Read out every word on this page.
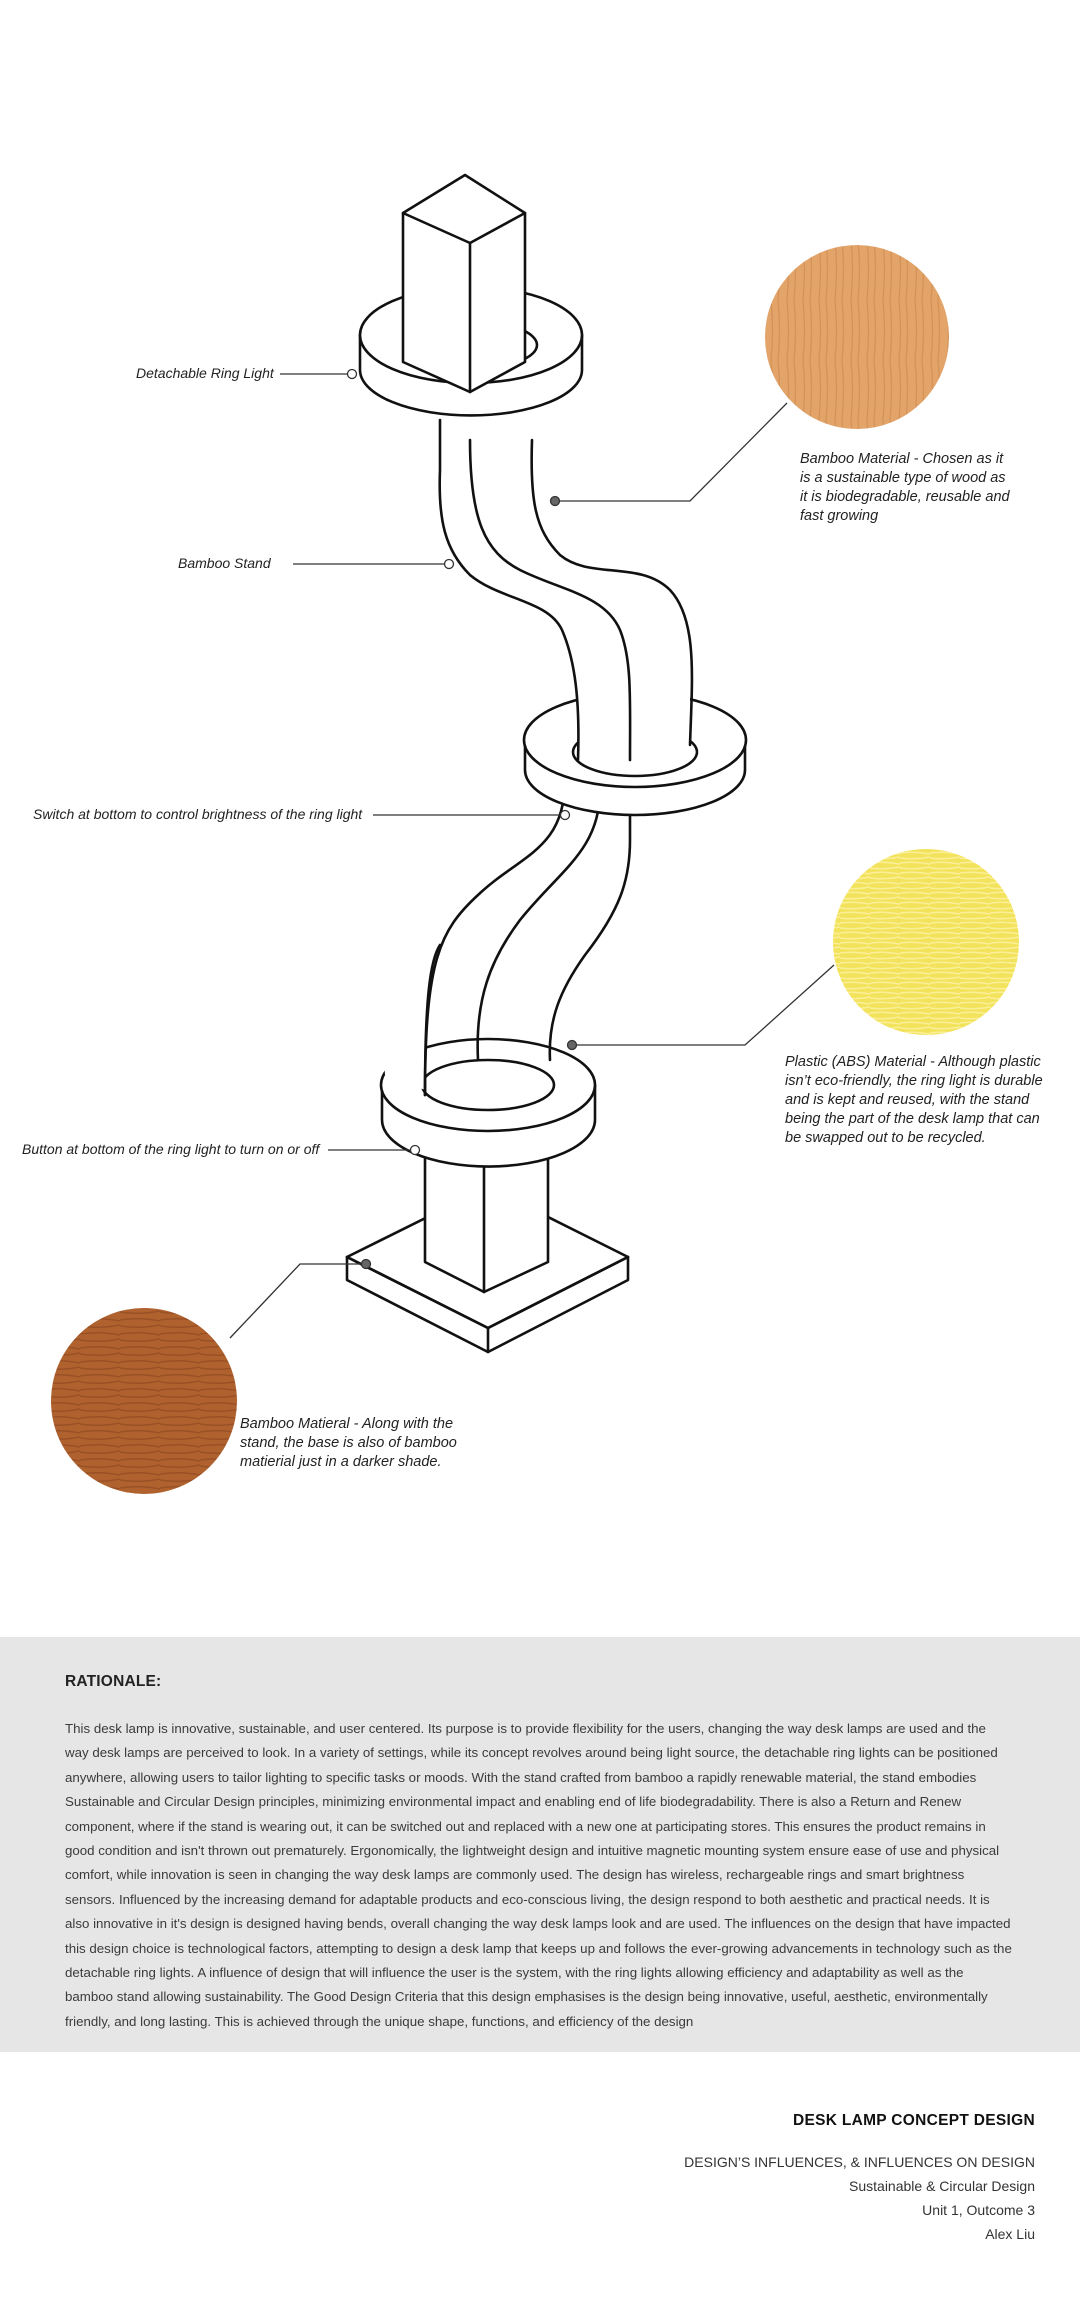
Detachable Ring Light
Bamboo Stand
Switch at bottom to control brightness of the ring light
Button at bottom of the ring light to turn on or off
Bamboo Material - Chosen as it is a sustainable type of wood as it is biodegradable, reusable and fast growing
Plastic (ABS) Material - Although plastic isn’t eco-friendly, the ring light is durable and is kept and reused, with the stand being the part of the desk lamp that can be swapped out to be recycled.
Bamboo Matieral - Along with the stand, the base is also of bamboo matierial just in a darker shade.
RATIONALE:

This desk lamp is innovative, sustainable, and user centered. Its purpose is to provide flexibility for the users, changing the way desk lamps are used and the way desk lamps are perceived to look. In a variety of settings, while its concept revolves around being light source, the detachable ring lights can be positioned anywhere, allowing users to tailor lighting to specific tasks or moods. With the stand crafted from bamboo a rapidly renewable material, the stand embodies Sustainable and Circular Design principles, minimizing environmental impact and enabling end of life biodegradability. There is also a Return and Renew component, where if the stand is wearing out, it can be switched out and replaced with a new one at participating stores. This ensures the product remains in good condition and isn't thrown out prematurely. Ergonomically, the lightweight design and intuitive magnetic mounting system ensure ease of use and physical comfort, while innovation is seen in changing the way desk lamps are commonly used. The design has wireless, rechargeable rings and smart brightness sensors. Influenced by the increasing demand for adaptable products and eco-conscious living, the design respond to both aesthetic and practical needs. It is also innovative in it's design is designed having bends, overall changing the way desk lamps look and are used. The influences on the design that have impacted this design choice is technological factors, attempting to design a desk lamp that keeps up and follows the ever-growing advancements in technology such as the detachable ring lights. A influence of design that will influence the user is the system, with the ring lights allowing efficiency and adaptability as well as the bamboo stand allowing sustainability. The Good Design Criteria that this design emphasises is the design being innovative, useful, aesthetic, environmentally friendly, and long lasting. This is achieved through the unique shape, functions, and efficiency of the design

DESK LAMP CONCEPT DESIGN
DESIGN’S INFLUENCES, & INFLUENCES ON DESIGN
Sustainable & Circular Design
Unit 1, Outcome 3
Alex Liu
